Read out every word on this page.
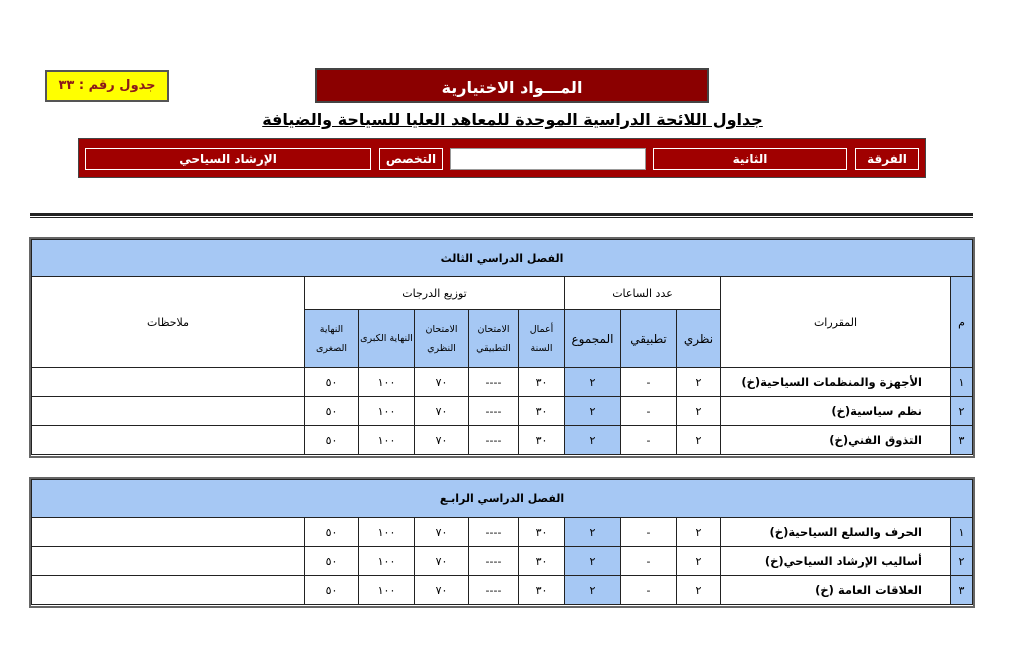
جدول رقم : ٣٣	المـــواد الاختيارية
جداول اللائحة الدراسية الموحدة للمعاهد العليا للسياحة والضيافة
الفرقة
الثانية
التخصص
الإرشاد السياحي
الفصل الدراسي الثالث										
م	المقررات	عدد الساعات			توزيع الدرجات					ملاحظات
		نظري	تطبيقي	المجموع	أعمال السنة	الامتحان التطبيقي	الامتحان النظري	النهاية الكبرى	النهاية الصغرى	
١	الأجهزة والمنظمات السياحية(خ)	٢	-	٢	٣٠	----	٧٠	١٠٠	٥٠	
٢	نظم سياسية(خ)	٢	-	٢	٣٠	----	٧٠	١٠٠	٥٠	
٣	التذوق الفني(خ)	٢	-	٢	٣٠	----	٧٠	١٠٠	٥٠	
الفصل الدراسي الرابـع										
١	الحرف والسلع السياحية(خ)	٢	-	٢	٣٠	----	٧٠	١٠٠	٥٠	
٢	أساليب الإرشاد السياحي(خ)	٢	-	٢	٣٠	----	٧٠	١٠٠	٥٠	
٣	العلاقات العامة (خ)	٢	-	٢	٣٠	----	٧٠	١٠٠	٥٠	
